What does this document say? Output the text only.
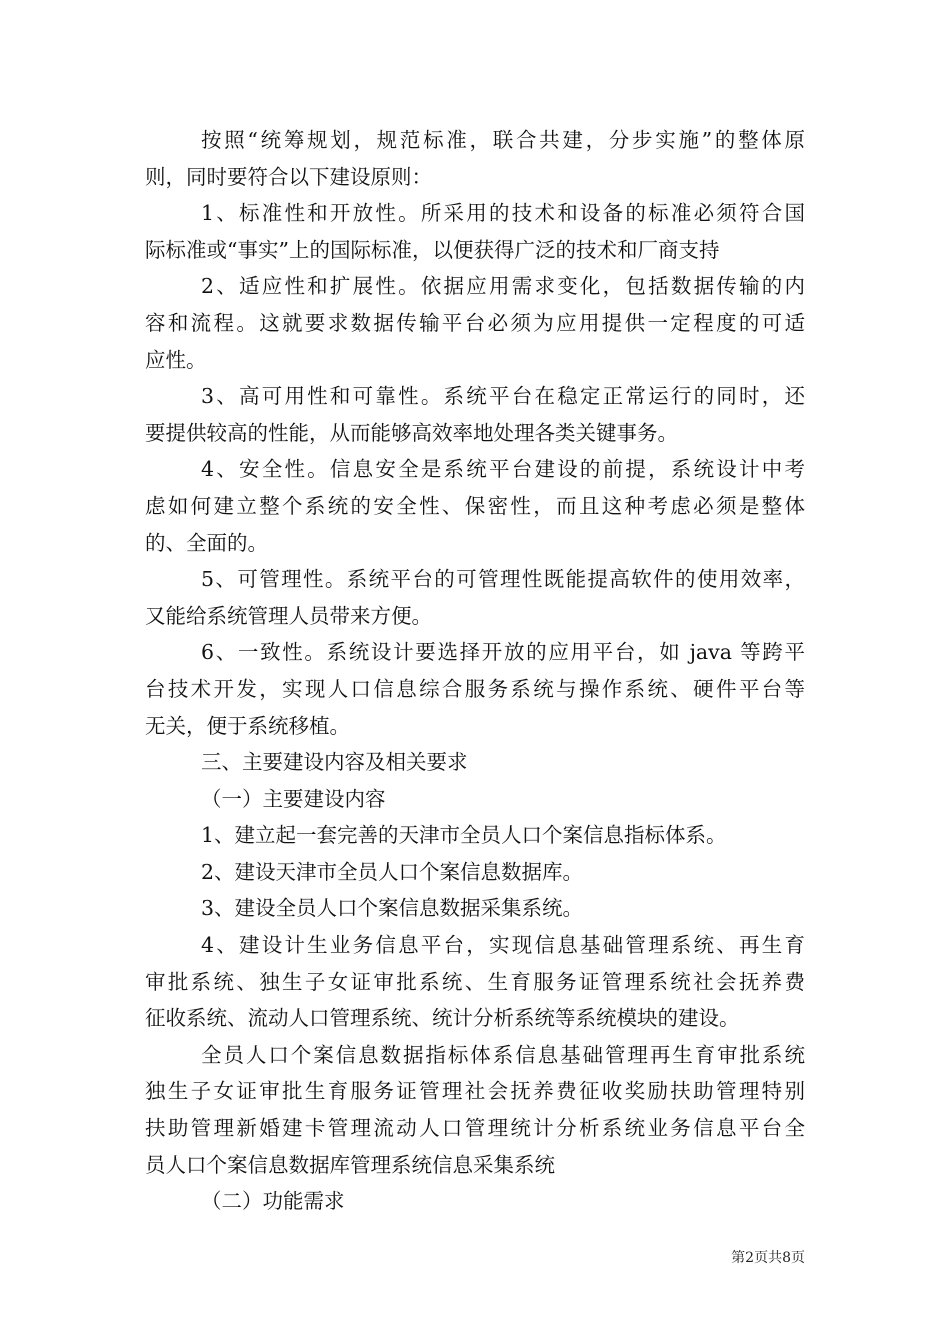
按照“统筹规划，规范标准，联合共建，分步实施”的整体原
则，同时要符合以下建设原则：
1、标准性和开放性。所采用的技术和设备的标准必须符合国
际标准或“事实”上的国际标准，以便获得广泛的技术和厂商支持
2、适应性和扩展性。依据应用需求变化，包括数据传输的内
容和流程。这就要求数据传输平台必须为应用提供一定程度的可适
应性。
3、高可用性和可靠性。系统平台在稳定正常运行的同时，还
要提供较高的性能，从而能够高效率地处理各类关键事务。
4、安全性。信息安全是系统平台建设的前提，系统设计中考
虑如何建立整个系统的安全性、保密性，而且这种考虑必须是整体
的、全面的。
5、可管理性。系统平台的可管理性既能提高软件的使用效率，
又能给系统管理人员带来方便。
6、一致性。系统设计要选择开放的应用平台，如 java 等跨平
台技术开发，实现人口信息综合服务系统与操作系统、硬件平台等
无关，便于系统移植。
三、主要建设内容及相关要求
（一）主要建设内容
1、建立起一套完善的天津市全员人口个案信息指标体系。
2、建设天津市全员人口个案信息数据库。
3、建设全员人口个案信息数据采集系统。
4、建设计生业务信息平台，实现信息基础管理系统、再生育
审批系统、独生子女证审批系统、生育服务证管理系统社会抚养费
征收系统、流动人口管理系统、统计分析系统等系统模块的建设。
全员人口个案信息数据指标体系信息基础管理再生育审批系统
独生子女证审批生育服务证管理社会抚养费征收奖励扶助管理特别
扶助管理新婚建卡管理流动人口管理统计分析系统业务信息平台全
员人口个案信息数据库管理系统信息采集系统
（二）功能需求
第2页共8页
